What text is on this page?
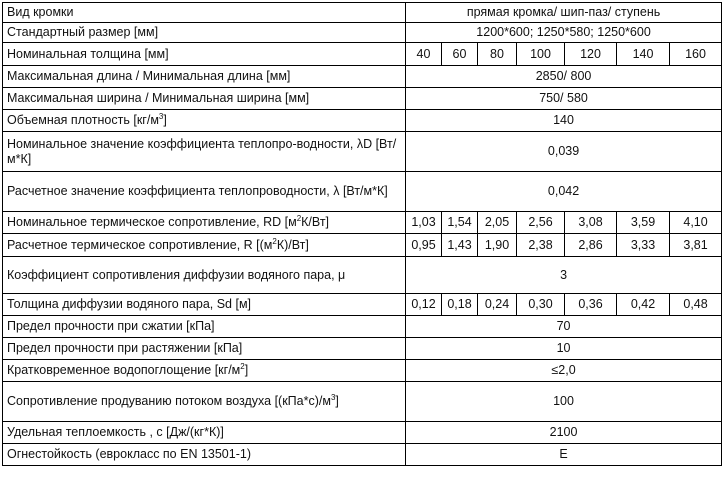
Вид кромки	прямая кромка/ шип-паз/ ступень						
Стандартный размер [мм]	1200*600; 1250*580; 1250*600						
Номинальная толщина [мм]	40	60	80	100	120	140	160
Максимальная длина / Минимальная длина [мм]	2850/ 800						
Максимальная ширина / Минимальная ширина [мм]	750/ 580						
Объемная плотность $[кг/м^3]$	140						
Номинальное значение коэффициента теплопро-водности, λD [Вт/м*К]	0,039						
Расчетное значение коэффициента теплопроводности, λ [Вт/м*К]	0,042						
Номинальное термическое сопротивление, RD $[м^2К/Вт]$	1,03	1,54	2,05	2,56	3,08	3,59	4,10
Расчетное термическое сопротивление, R $[(м^2К)/Вт]$	0,95	1,43	1,90	2,38	2,86	3,33	3,81
Коэффициент сопротивления диффузии водяного пара, μ	3						
Толщина диффузии водяного пара, Sd [м]	0,12	0,18	0,24	0,30	0,36	0,42	0,48
Предел прочности при сжатии [кПа]	70						
Предел прочности при растяжении [кПа]	10						
Кратковременное водопоглощение $[кг/м^2]$	≤2,0						
Сопротивление продуванию потоком воздуха $[(кПа*с)/м^3]$	100						
Удельная теплоемкость , с [Дж/(кг*К)]	2100						
Огнестойкость (еврокласс по EN 13501-1)	E						
